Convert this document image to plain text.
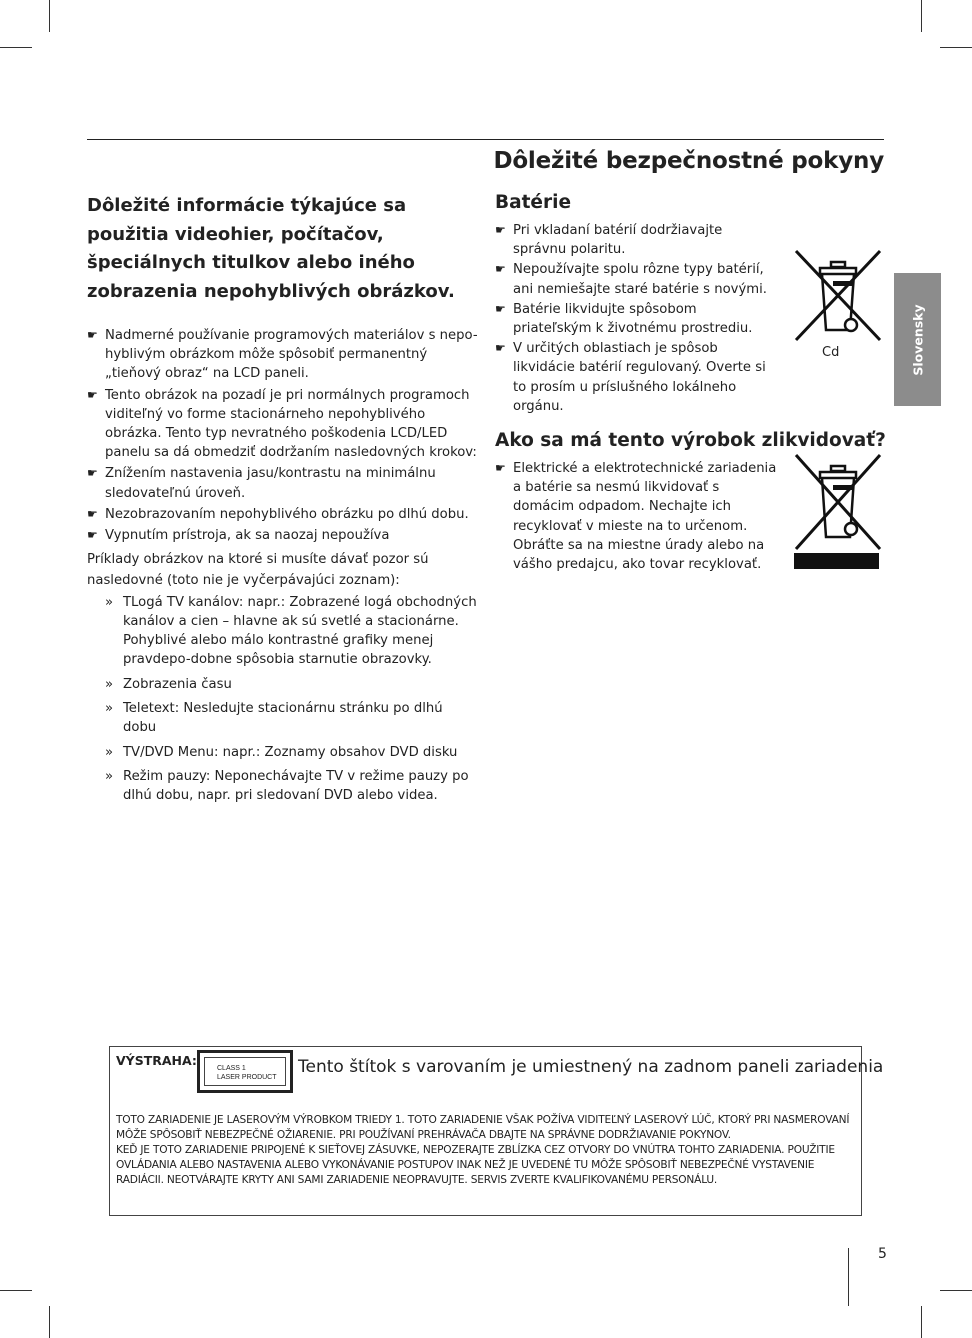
Dôležité bezpečnostné pokyny
Slovensky
Dôležité informácie týkajúce sa použitia videohier, počítačov, špeciálnych titulkov alebo iného zobrazenia nepohyblivých obrázkov.
☛ Nadmerné používanie programových materiálov s nepo-hyblivým obrázkom môže spôsobiť permanentný „tieňový obraz“ na LCD paneli.
☛ Tento obrázok na pozadí je pri normálnych programoch viditeľný vo forme stacionárneho nepohyblivého obrázka. Tento typ nevratného poškodenia LCD/LED panelu sa dá obmedziť dodržaním nasledovných krokov:
☛ Znížením nastavenia jasu/kontrastu na minimálnu sledovateľnú úroveň.
☛ Nezobrazovaním nepohyblivého obrázku po dlhú dobu.
☛ Vypnutím prístroja, ak sa naozaj nepoužíva

Príklady obrázkov na ktoré si musíte dávať pozor sú nasledovné (toto nie je vyčerpávajúci zoznam):

» TLogá TV kanálov: napr.: Zobrazené logá obchodných kanálov a cien – hlavne ak sú svetlé a stacionárne. Pohyblivé alebo málo kontrastné grafiky menej pravdepo-dobne spôsobia starnutie obrazovky.
» Zobrazenia času
» Teletext: Nesledujte stacionárnu stránku po dlhú dobu
» TV/DVD Menu: napr.: Zoznamy obsahov DVD disku
» Režim pauzy: Neponechávajte TV v režime pauzy po dlhú dobu, napr. pri sledovaní DVD alebo videa.
Batérie
☛ Pri vkladaní batérií dodržiavajte správnu polaritu.
☛ Nepoužívajte spolu rôzne typy batérií, ani nemiešajte staré batérie s novými.
☛ Batérie likvidujte spôsobom priateľským k životnému prostrediu.
☛ V určitých oblastiach je spôsob likvidácie batérií regulovaný. Overte si to prosím u príslušného lokálneho orgánu.
Ako sa má tento výrobok zlikvidovať?
☛ Elektrické a elektrotechnické zariadenia a batérie sa nesmú likvidovať s domácim odpadom. Nechajte ich recyklovať v mieste na to určenom. Obráťte sa na miestne úrady alebo na vášho predajcu, ako tovar recyklovať.
Cd
VÝSTRAHA:
CLASS 1
LASER PRODUCT
Tento štítok s varovaním je umiestnený na zadnom paneli zariadenia

TOTO ZARIADENIE JE LASEROVÝM VÝROBKOM TRIEDY 1. TOTO ZARIADENIE VŠAK POŽÍVA VIDITEĽNÝ LASEROVÝ LÚČ, KTORÝ PRI NASMEROVANÍ MÔŽE SPÔSOBIŤ NEBEZPEČNÉ OŽIARENIE. PRI POUŽÍVANÍ PREHRÁVAČA DBAJTE NA SPRÁVNE DODRŽIAVANIE POKYNOV.

KEĎ JE TOTO ZARIADENIE PRIPOJENÉ K SIEŤOVEJ ZÁSUVKE, NEPOZERAJTE ZBLÍZKA CEZ OTVORY DO VNÚTRA TOHTO ZARIADENIA. POUŽITIE OVLÁDANIA ALEBO NASTAVENIA ALEBO VYKONÁVANIE POSTUPOV INAK NEŽ JE UVEDENÉ TU MÔŽE SPÔSOBIŤ NEBEZPEČNÉ VYSTAVENIE RADIÁCII. NEOTVÁRAJTE KRYTY ANI SAMI ZARIADENIE NEOPRAVUJTE. SERVIS ZVERTE KVALIFIKOVANÉMU PERSONÁLU.

5
